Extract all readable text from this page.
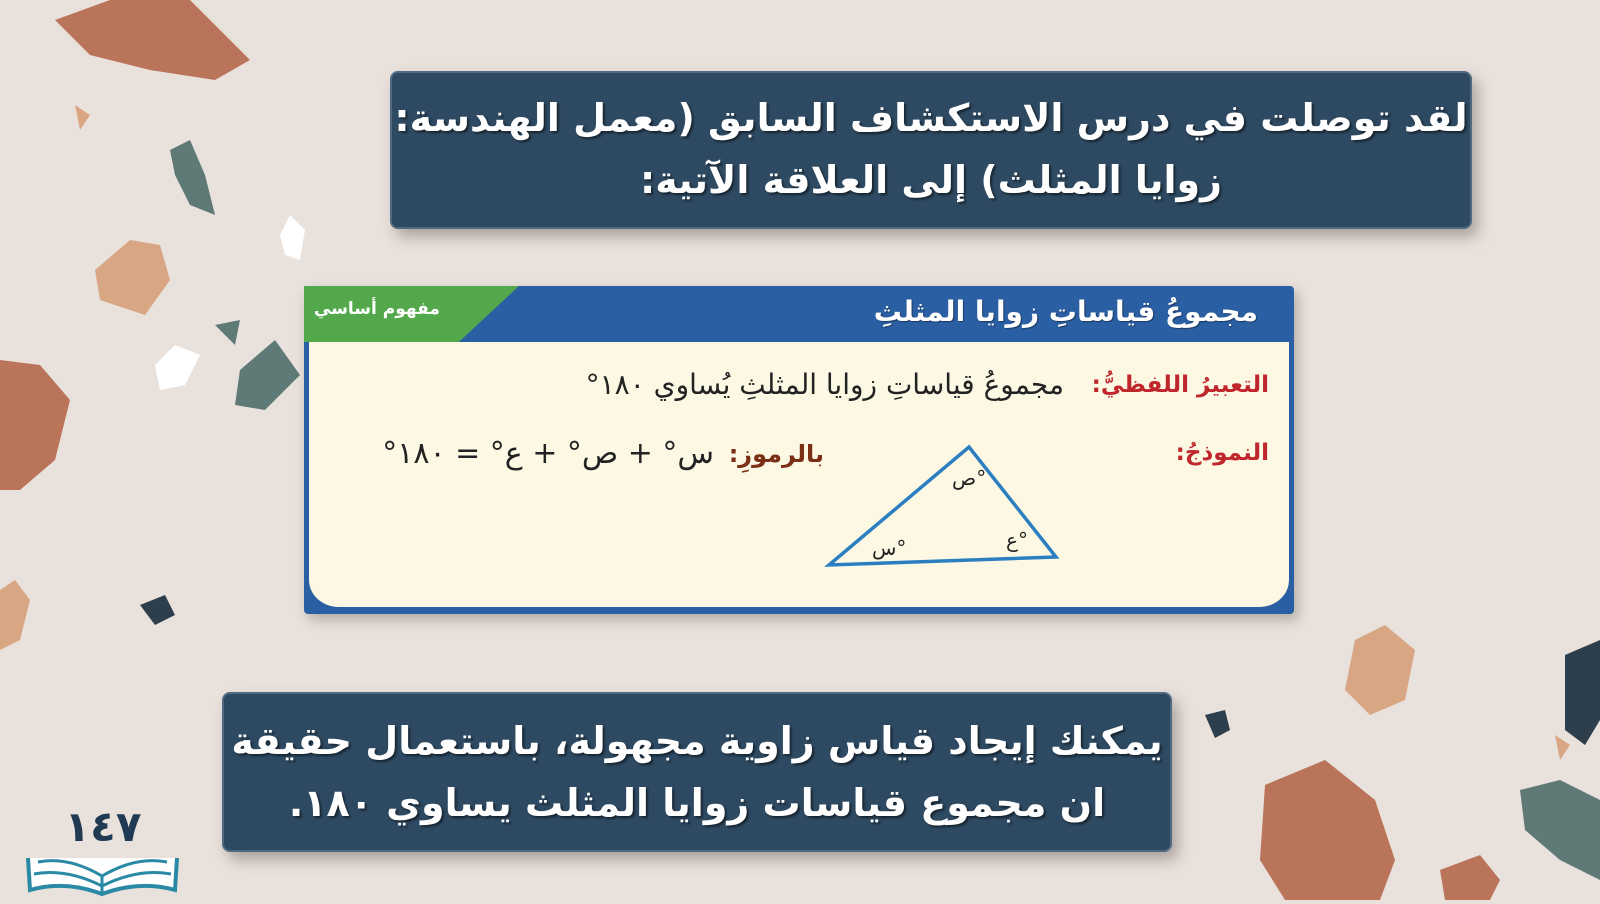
لقد توصلت في درس الاستكشاف السابق (معمل الهندسة:
زوايا المثلث) إلى العلاقة الآتية:
مفهوم أساسي	مجموعُ قياساتِ زوايا المثلثِ
التعبيرُ اللفظيُّ:
مجموعُ قياساتِ زوايا المثلثِ يُساوي ١٨٠°
النموذجُ:
بالرموزِ:
س° + ص° + ع° = ١٨٠°
س°
ص°
ع°
يمكنك إيجاد قياس زاوية مجهولة، باستعمال حقيقة
ان مجموع قياسات زوايا المثلث يساوي ١٨٠.
١٤٧
